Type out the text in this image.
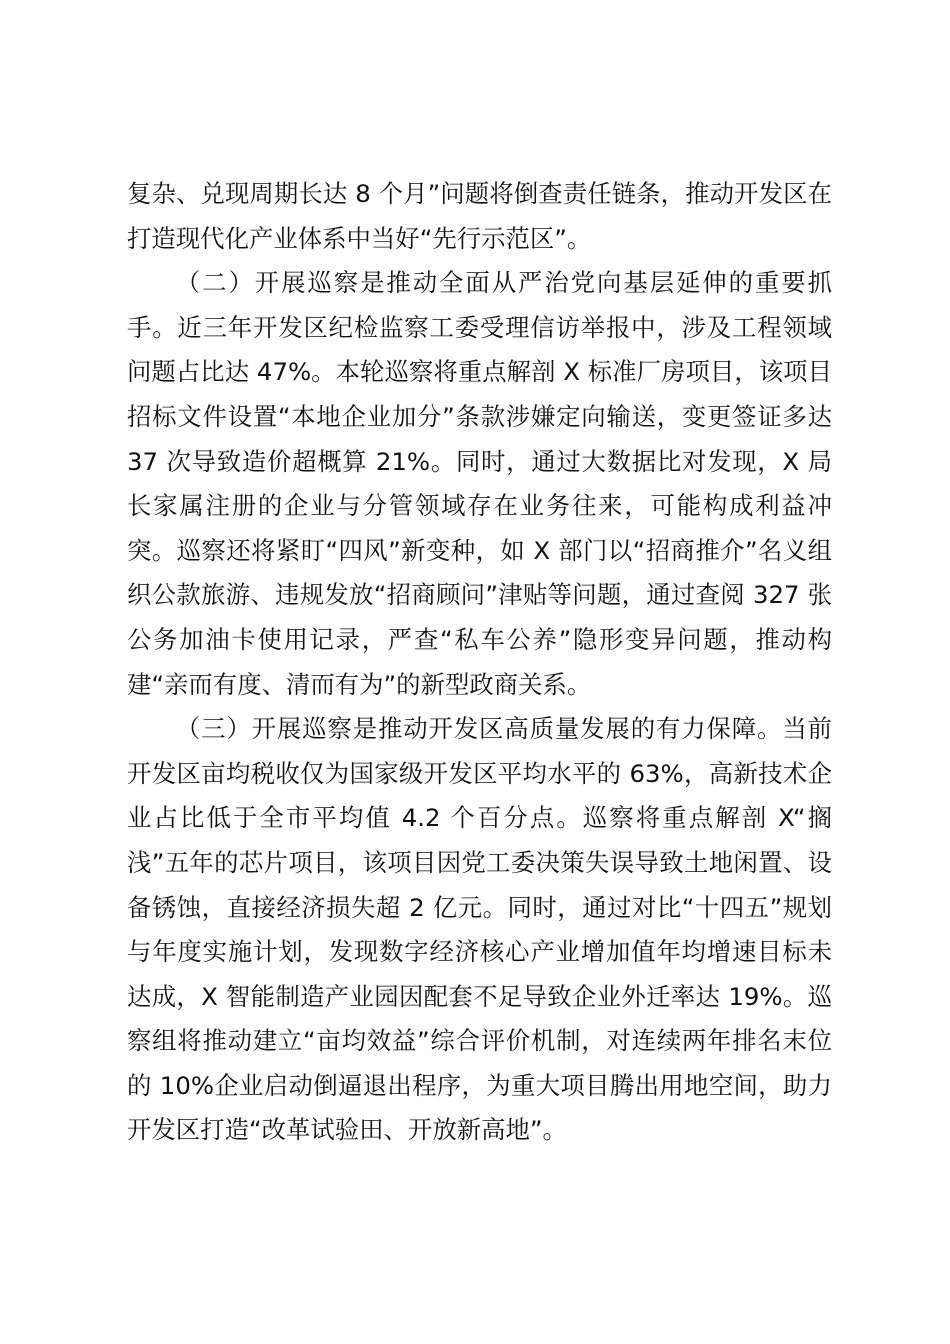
复杂、兑现周期长达 8 个月”问题将倒查责任链条，推动开发区在打造现代化产业体系中当好“先行示范区”。

（二）开展巡察是推动全面从严治党向基层延伸的重要抓手。近三年开发区纪检监察工委受理信访举报中，涉及工程领域问题占比达 47%。本轮巡察将重点解剖 X 标准厂房项目，该项目招标文件设置“本地企业加分”条款涉嫌定向输送，变更签证多达 37 次导致造价超概算 21%。同时，通过大数据比对发现，X 局长家属注册的企业与分管领域存在业务往来，可能构成利益冲突。巡察还将紧盯“四风”新变种，如 X 部门以“招商推介”名义组织公款旅游、违规发放“招商顾问”津贴等问题，通过查阅 327 张公务加油卡使用记录，严查“私车公养”隐形变异问题，推动构建“亲而有度、清而有为”的新型政商关系。

（三）开展巡察是推动开发区高质量发展的有力保障。当前开发区亩均税收仅为国家级开发区平均水平的 63%，高新技术企业占比低于全市平均值 4.2 个百分点。巡察将重点解剖 X“搁浅”五年的芯片项目，该项目因党工委决策失误导致土地闲置、设备锈蚀，直接经济损失超 2 亿元。同时，通过对比“十四五”规划与年度实施计划，发现数字经济核心产业增加值年均增速目标未达成，X 智能制造产业园因配套不足导致企业外迁率达 19%。巡察组将推动建立“亩均效益”综合评价机制，对连续两年排名末位的 10%企业启动倒逼退出程序，为重大项目腾出用地空间，助力开发区打造“改革试验田、开放新高地”。
